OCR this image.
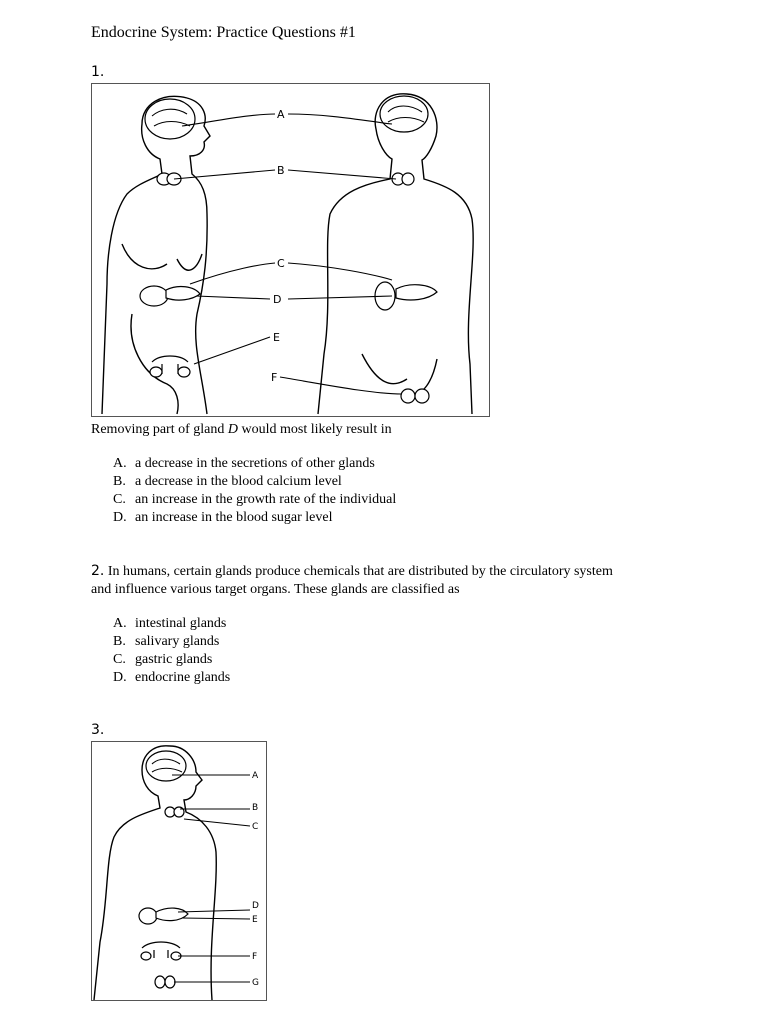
Endocrine System: Practice Questions #1
1.
A
B
C
D
E
F
Removing part of gland D would most likely result in
A. a decrease in the secretions of other glands
B. a decrease in the blood calcium level
C. an increase in the growth rate of the individual
D. an increase in the blood sugar level
2. In humans, certain glands produce chemicals that are distributed by the circulatory system
and influence various target organs. These glands are classified as
A. intestinal glands
B. salivary glands
C. gastric glands
D. endocrine glands
3.
A
B
C
D
E
F
G
